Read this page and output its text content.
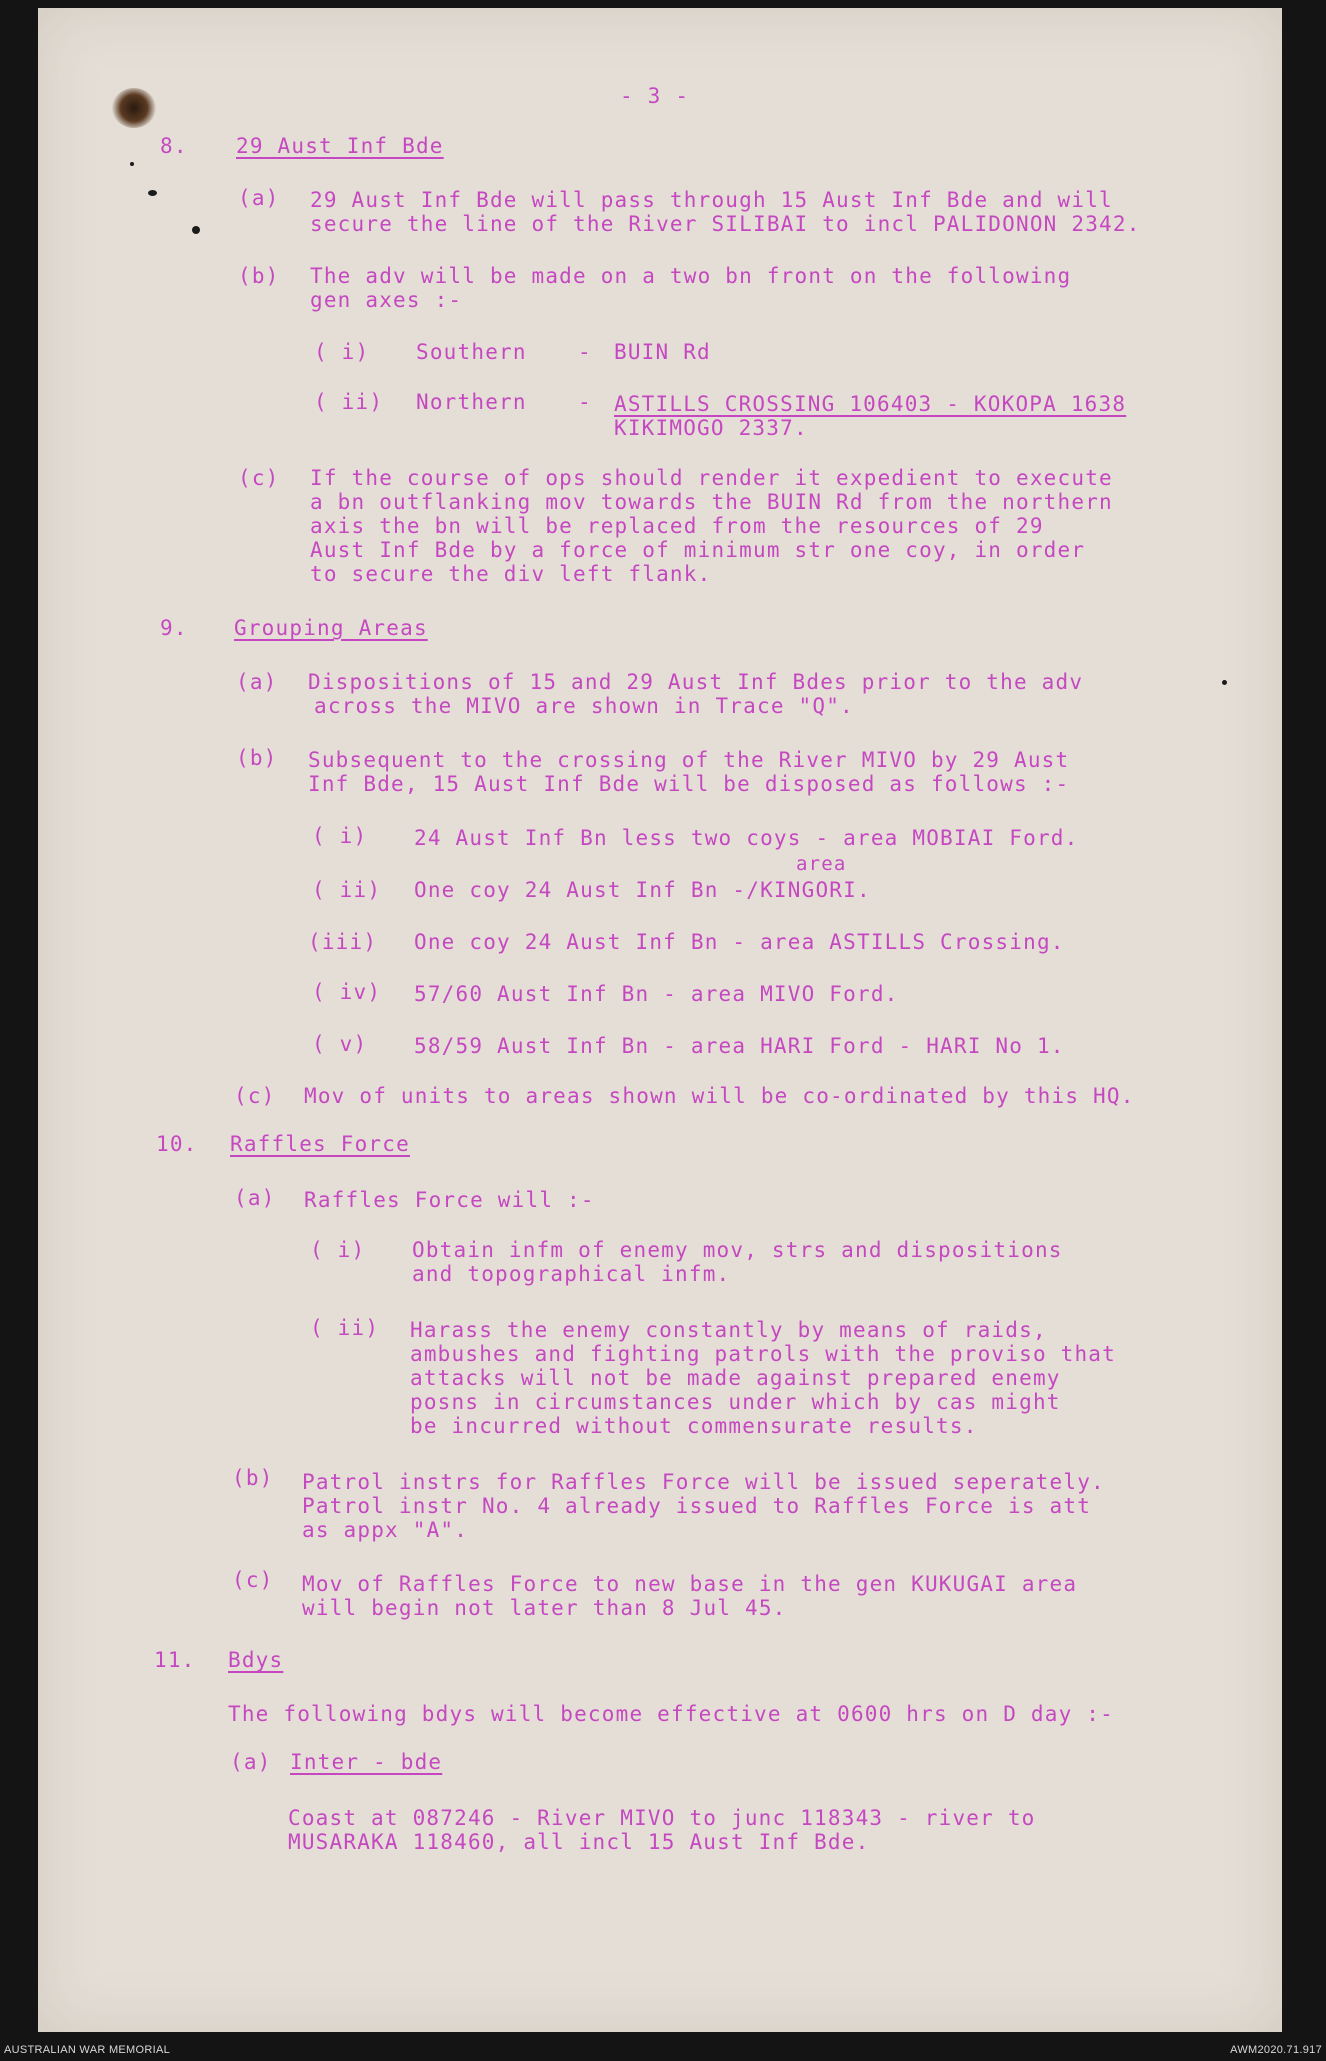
- 3 -
8. 29 Aust Inf Bde
(a) 29 Aust Inf Bde will pass through 15 Aust Inf Bde and will
secure the line of the River SILIBAI to incl PALIDONON 2342.
(b) The adv will be made on a two bn front on the following
gen axes :-
( i) Southern - BUIN Rd
( ii) Northern - ASTILLS CROSSING 106403 - KOKOPA 1638
KIKIMOGO 2337.
(c) If the course of ops should render it expedient to execute
a bn outflanking mov towards the BUIN Rd from the northern
axis the bn will be replaced from the resources of 29
Aust Inf Bde by a force of minimum str one coy, in order
to secure the div left flank.
9. Grouping Areas
(a) Dispositions of 15 and 29 Aust Inf Bdes prior to the adv
across the MIVO are shown in Trace "Q".
(b) Subsequent to the crossing of the River MIVO by 29 Aust
Inf Bde, 15 Aust Inf Bde will be disposed as follows :-
( i) 24 Aust Inf Bn less two coys - area MOBIAI Ford.
area
( ii) One coy 24 Aust Inf Bn -/KINGORI.
(iii) One coy 24 Aust Inf Bn - area ASTILLS Crossing.
( iv) 57/60 Aust Inf Bn - area MIVO Ford.
( v) 58/59 Aust Inf Bn - area HARI Ford - HARI No 1.
(c) Mov of units to areas shown will be co-ordinated by this HQ.
10. Raffles Force
(a) Raffles Force will :-
( i) Obtain infm of enemy mov, strs and dispositions
and topographical infm.
( ii) Harass the enemy constantly by means of raids,
ambushes and fighting patrols with the proviso that
attacks will not be made against prepared enemy
posns in circumstances under which by cas might
be incurred without commensurate results.
(b) Patrol instrs for Raffles Force will be issued seperately.
Patrol instr No. 4 already issued to Raffles Force is att
as appx "A".
(c) Mov of Raffles Force to new base in the gen KUKUGAI area
will begin not later than 8 Jul 45.
11. Bdys
The following bdys will become effective at 0600 hrs on D day :-
(a) Inter - bde
Coast at 087246 - River MIVO to junc 118343 - river to
MUSARAKA 118460, all incl 15 Aust Inf Bde.
AUSTRALIAN WAR MEMORIAL	AWM2020.71.917
